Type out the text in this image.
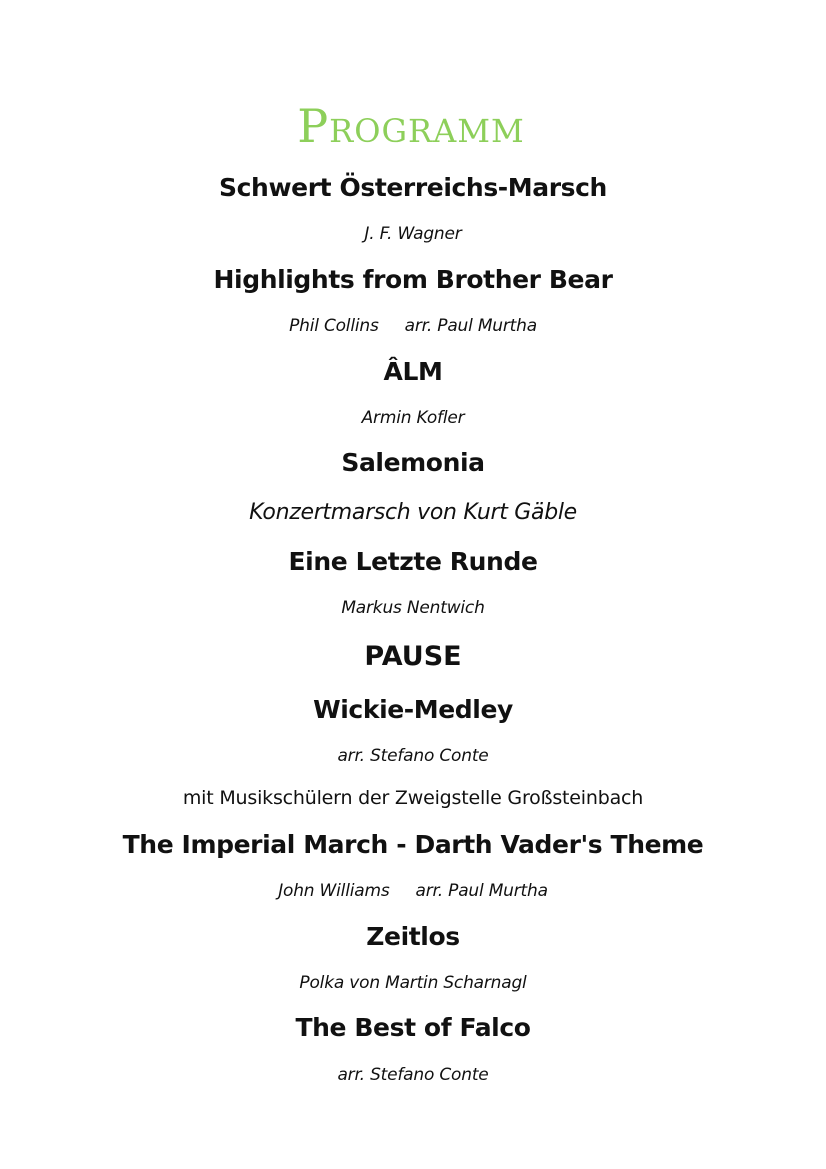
Programm
Schwert Österreichs-Marsch
J. F. Wagner
Highlights from Brother Bear
Phil Collins arr. Paul Murtha
ÂLM
Armin Kofler
Salemonia
Konzertmarsch von Kurt Gäble
Eine Letzte Runde
Markus Nentwich
PAUSE
Wickie-Medley
arr. Stefano Conte
mit Musikschülern der Zweigstelle Großsteinbach
The Imperial March - Darth Vader's Theme
John Williams arr. Paul Murtha
Zeitlos
Polka von Martin Scharnagl
The Best of Falco
arr. Stefano Conte
